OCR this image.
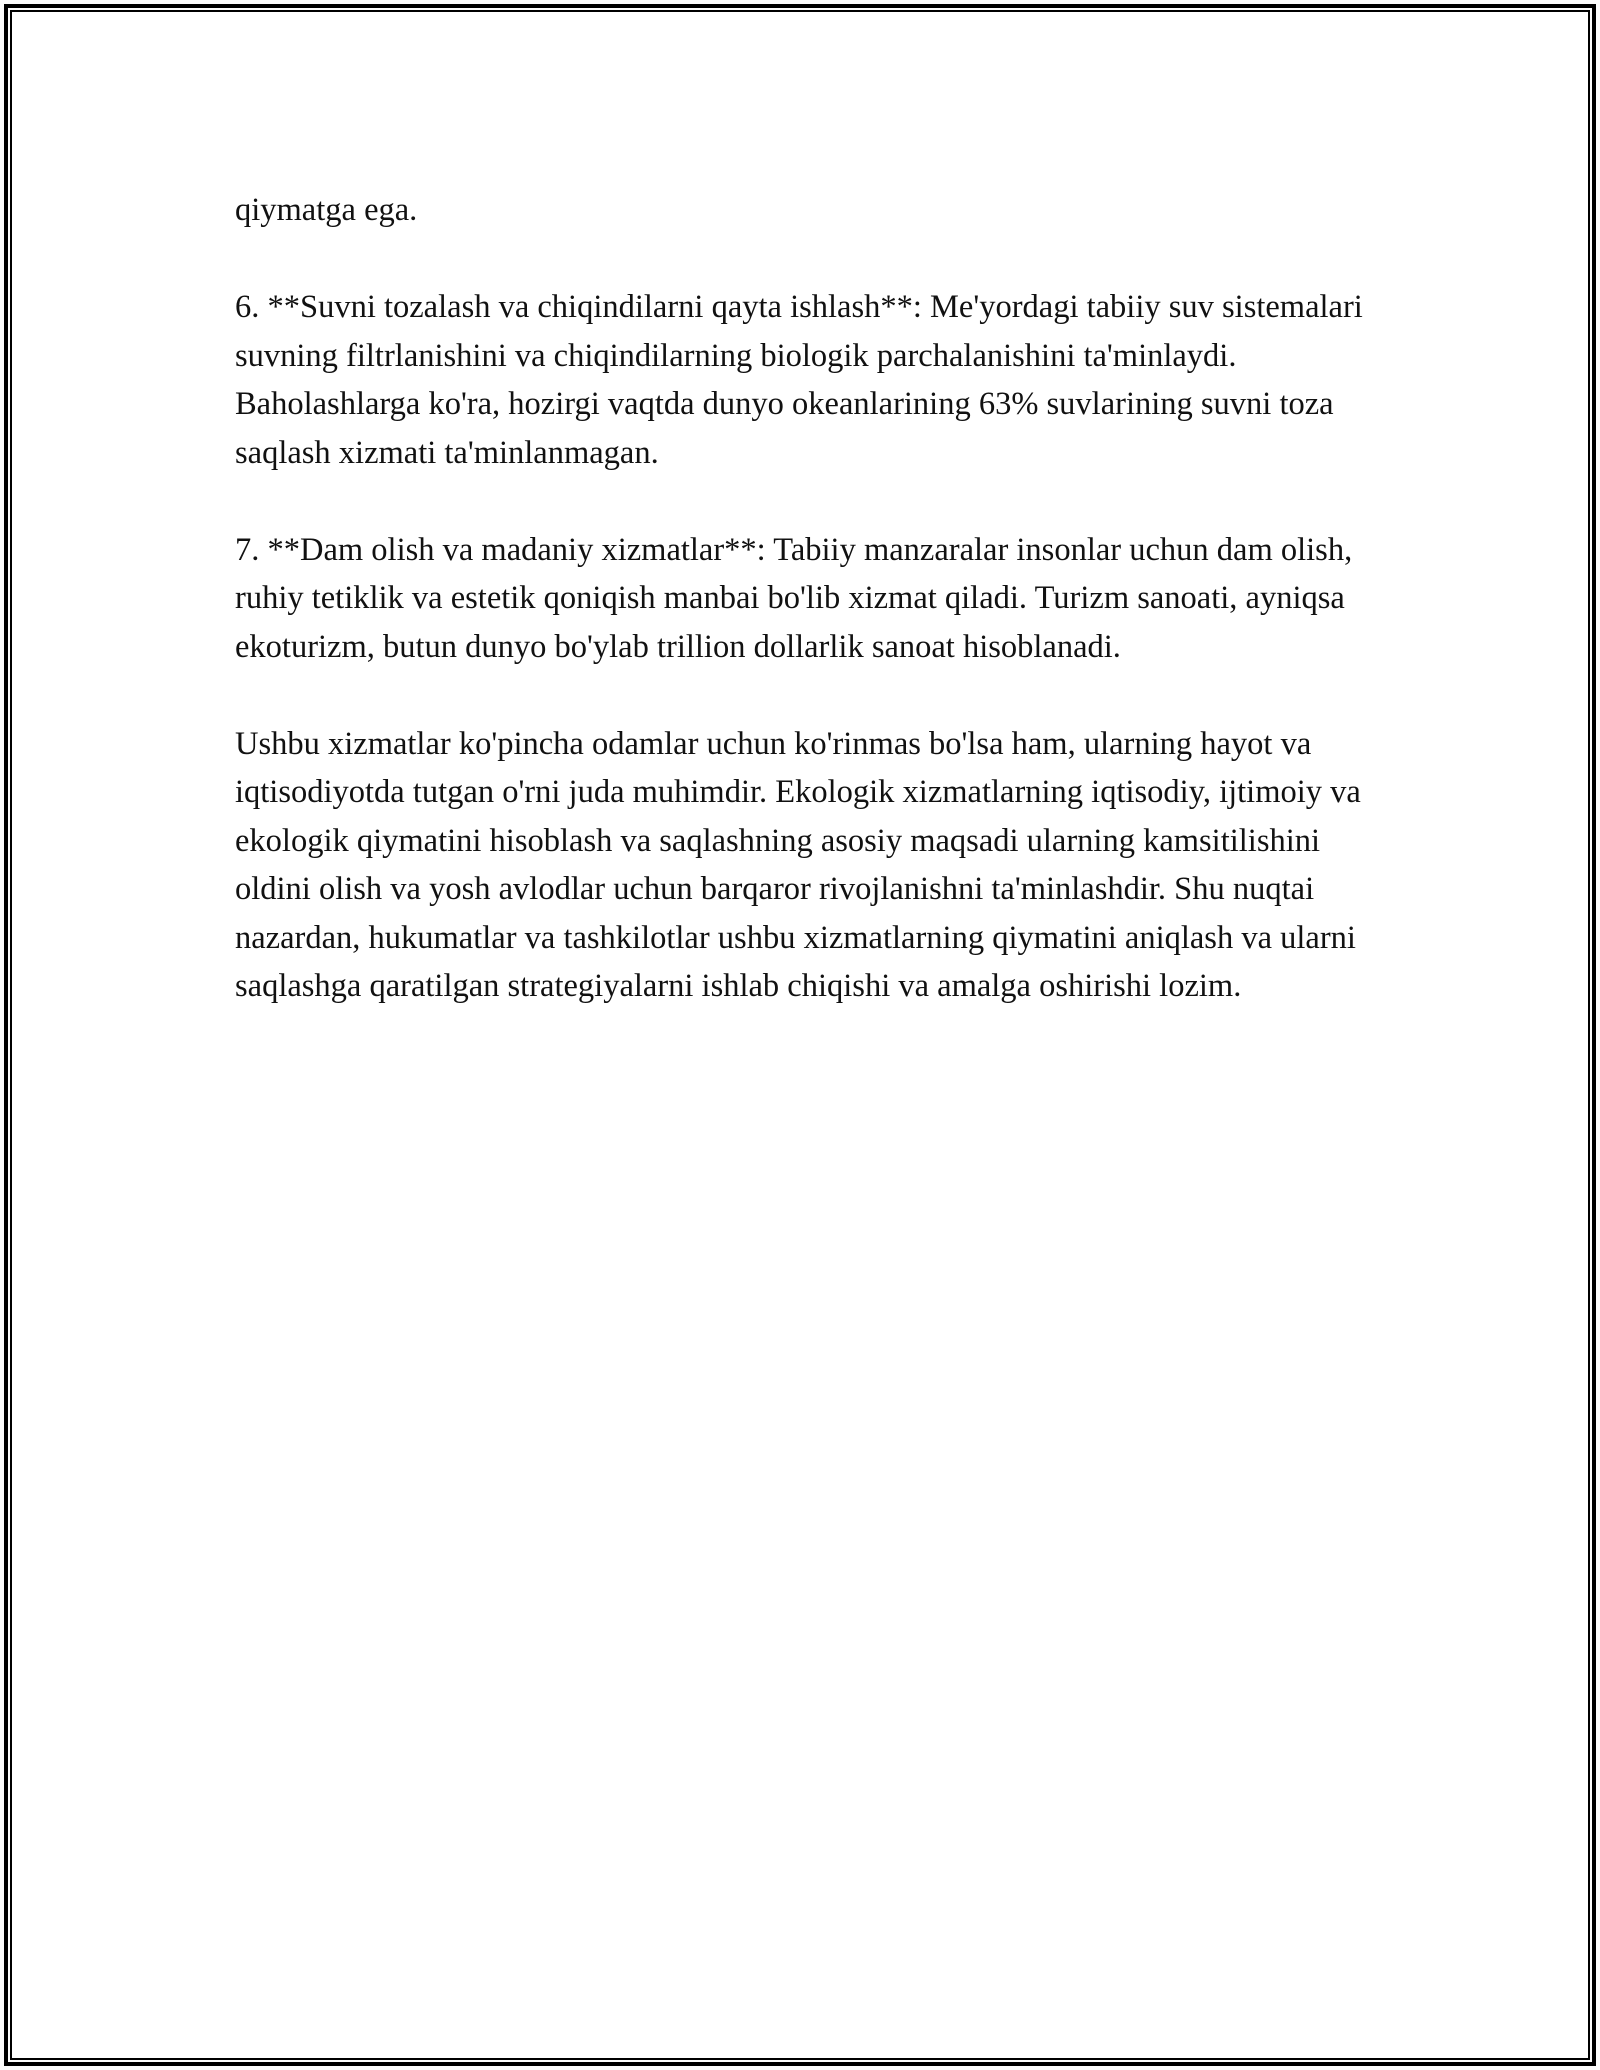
qiymatga ega.

6. **Suvni tozalash va chiqindilarni qayta ishlash**: Me'yordagi tabiiy suv sistemalari suvning filtrlanishini va chiqindilarning biologik parchalanishini ta'minlaydi. Baholashlarga ko'ra, hozirgi vaqtda dunyo okeanlarining 63% suvlarining suvni toza saqlash xizmati ta'minlanmagan.

7. **Dam olish va madaniy xizmatlar**: Tabiiy manzaralar insonlar uchun dam olish, ruhiy tetiklik va estetik qoniqish manbai bo'lib xizmat qiladi. Turizm sanoati, ayniqsa ekoturizm, butun dunyo bo'ylab trillion dollarlik sanoat hisoblanadi.

Ushbu xizmatlar ko'pincha odamlar uchun ko'rinmas bo'lsa ham, ularning hayot va iqtisodiyotda tutgan o'rni juda muhimdir. Ekologik xizmatlarning iqtisodiy, ijtimoiy va ekologik qiymatini hisoblash va saqlashning asosiy maqsadi ularning kamsitilishini oldini olish va yosh avlodlar uchun barqaror rivojlanishni ta'minlashdir. Shu nuqtai nazardan, hukumatlar va tashkilotlar ushbu xizmatlarning qiymatini aniqlash va ularni saqlashga qaratilgan strategiyalarni ishlab chiqishi va amalga oshirishi lozim.
